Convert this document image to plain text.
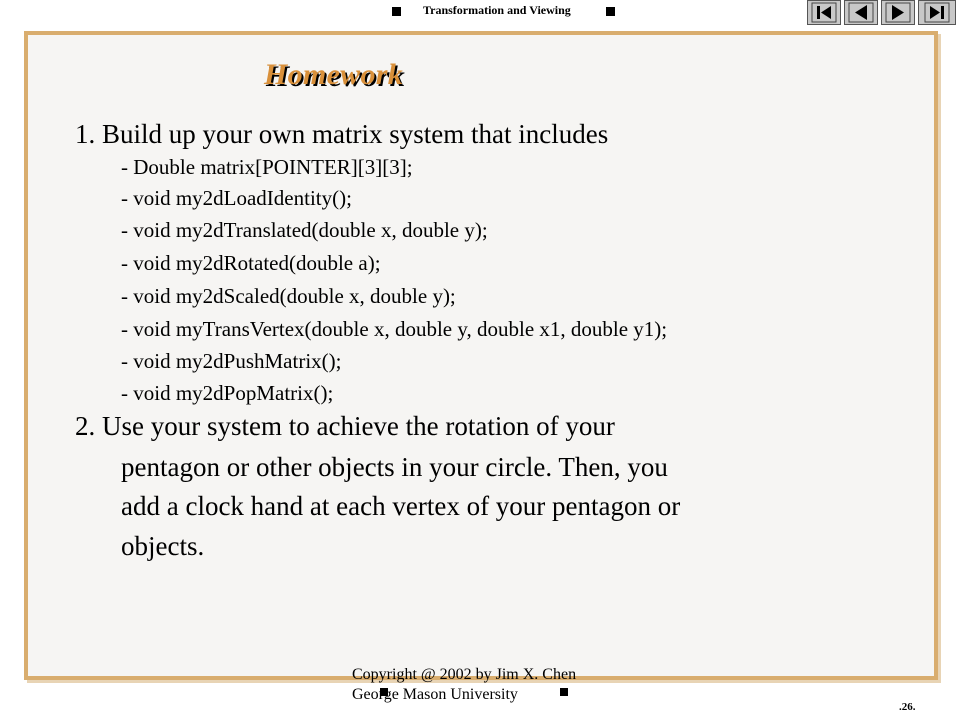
Transformation and Viewing
Homework
1. Build up your own matrix system that includes
- Double matrix[POINTER][3][3];
- void my2dLoadIdentity();
- void my2dTranslated(double x, double y);
- void my2dRotated(double a);
- void my2dScaled(double x, double y);
- void myTransVertex(double x, double y, double x1, double y1);
- void my2dPushMatrix();
- void my2dPopMatrix();
2. Use your system to achieve the rotation of your
pentagon or other objects in your circle. Then, you
add a clock hand at each vertex of your pentagon or
objects.
Copyright @ 2002 by Jim X. Chen
George Mason University
.26.
